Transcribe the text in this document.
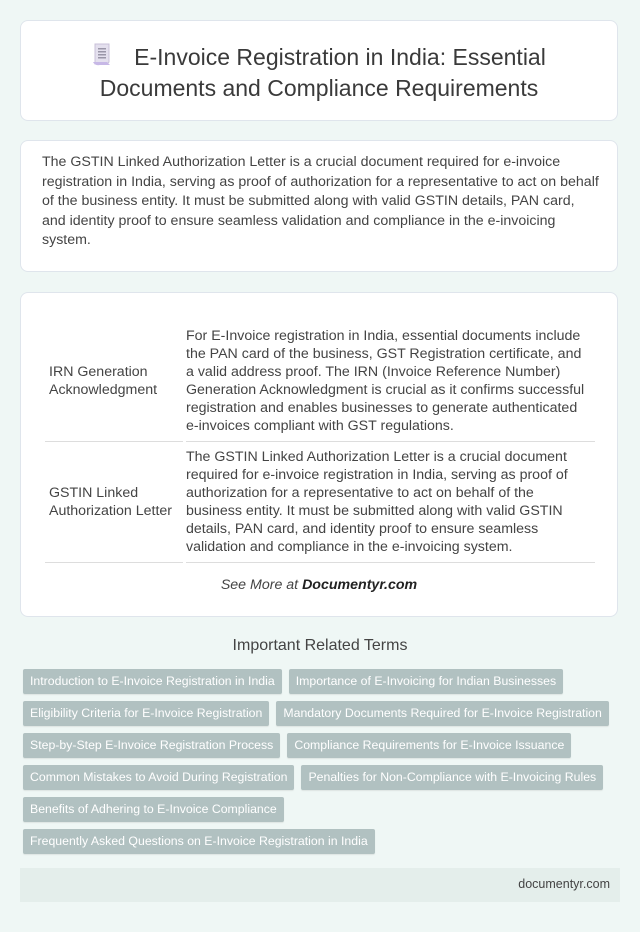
E-Invoice Registration in India: Essential Documents and Compliance Requirements
The GSTIN Linked Authorization Letter is a crucial document required for e-invoice registration in India, serving as proof of authorization for a representative to act on behalf of the business entity. It must be submitted along with valid GSTIN details, PAN card, and identity proof to ensure seamless validation and compliance in the e-invoicing system.
IRN Generation Acknowledgment	For E-Invoice registration in India, essential documents include the PAN card of the business, GST Registration certificate, and a valid address proof. The IRN (Invoice Reference Number) Generation Acknowledgment is crucial as it confirms successful registration and enables businesses to generate authenticated e-invoices compliant with GST regulations.
GSTIN Linked Authorization Letter	The GSTIN Linked Authorization Letter is a crucial document required for e-invoice registration in India, serving as proof of authorization for a representative to act on behalf of the business entity. It must be submitted along with valid GSTIN details, PAN card, and identity proof to ensure seamless validation and compliance in the e-invoicing system.
See More at Documentyr.com
Important Related Terms
Introduction to E-Invoice Registration in India	Importance of E-Invoicing for Indian Businesses
Eligibility Criteria for E-Invoice Registration	Mandatory Documents Required for E-Invoice Registration
Step-by-Step E-Invoice Registration Process	Compliance Requirements for E-Invoice Issuance
Common Mistakes to Avoid During Registration	Penalties for Non-Compliance with E-Invoicing Rules
Benefits of Adhering to E-Invoice Compliance
Frequently Asked Questions on E-Invoice Registration in India
documentyr.com
